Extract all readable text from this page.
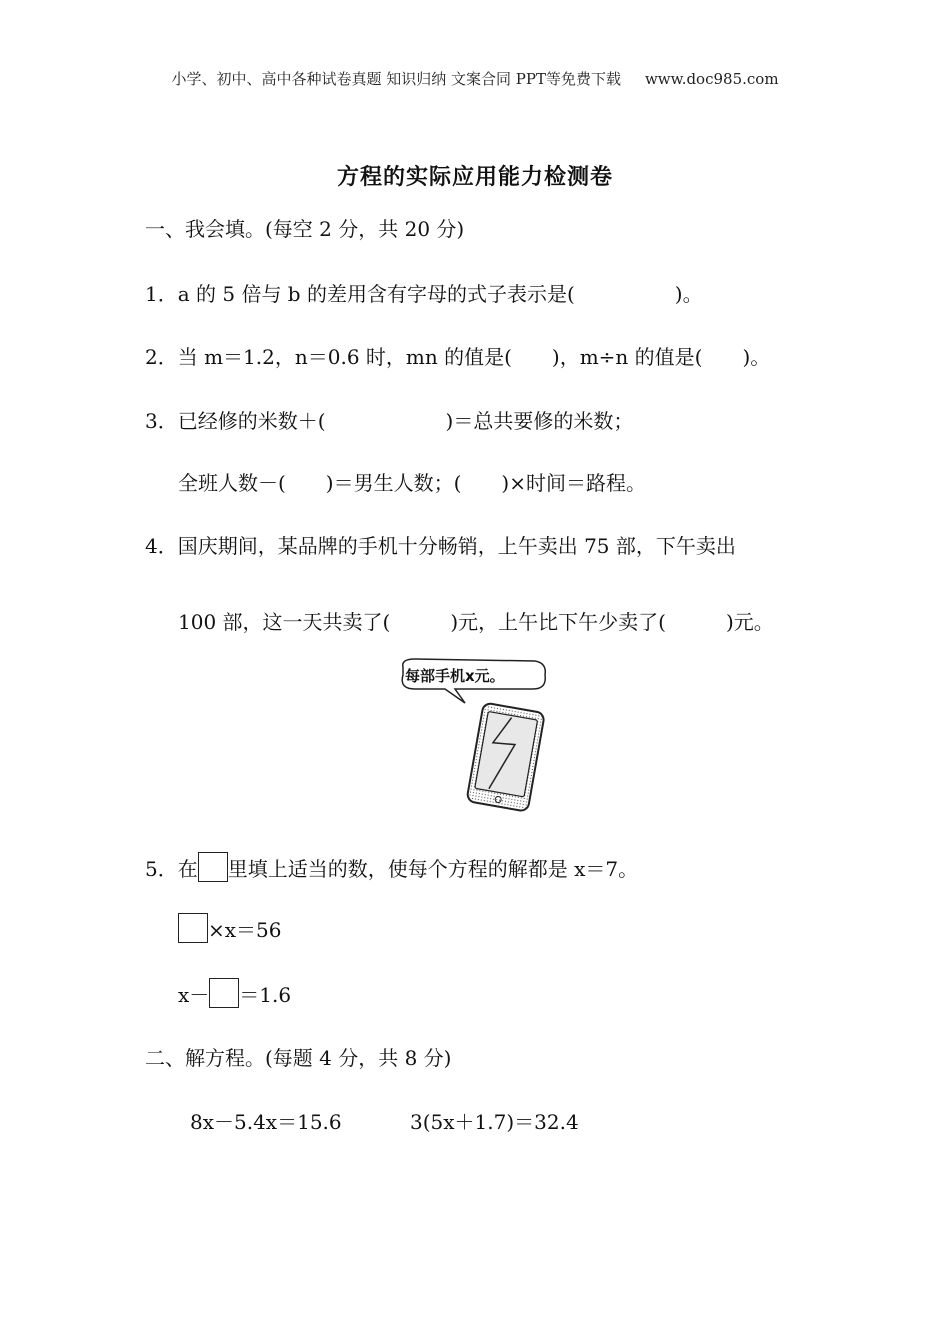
小学、初中、高中各种试卷真题 知识归纳 文案合同 PPT等免费下载 www.doc985.com
方程的实际应用能力检测卷
一、我会填。(每空 2 分，共 20 分)
1．a 的 5 倍与 b 的差用含有字母的式子表示是(　　　　　)。
2．当 m＝1.2，n＝0.6 时，mn 的值是(　　)，m÷n 的值是(　　)。
3．已经修的米数＋(　　　　　　)＝总共要修的米数；
全班人数－(　　)＝男生人数；(　　)×时间＝路程。
4．国庆期间，某品牌的手机十分畅销，上午卖出 75 部，下午卖出
100 部，这一天共卖了(　　　)元，上午比下午少卖了(　　　)元。
每部手机x元。
5．在 里填上适当的数，使每个方程的解都是 x＝7。
×x＝56
x－ ＝1.6
二、解方程。(每题 4 分，共 8 分)
8x－5.4x＝15.6	3(5x＋1.7)＝32.4
